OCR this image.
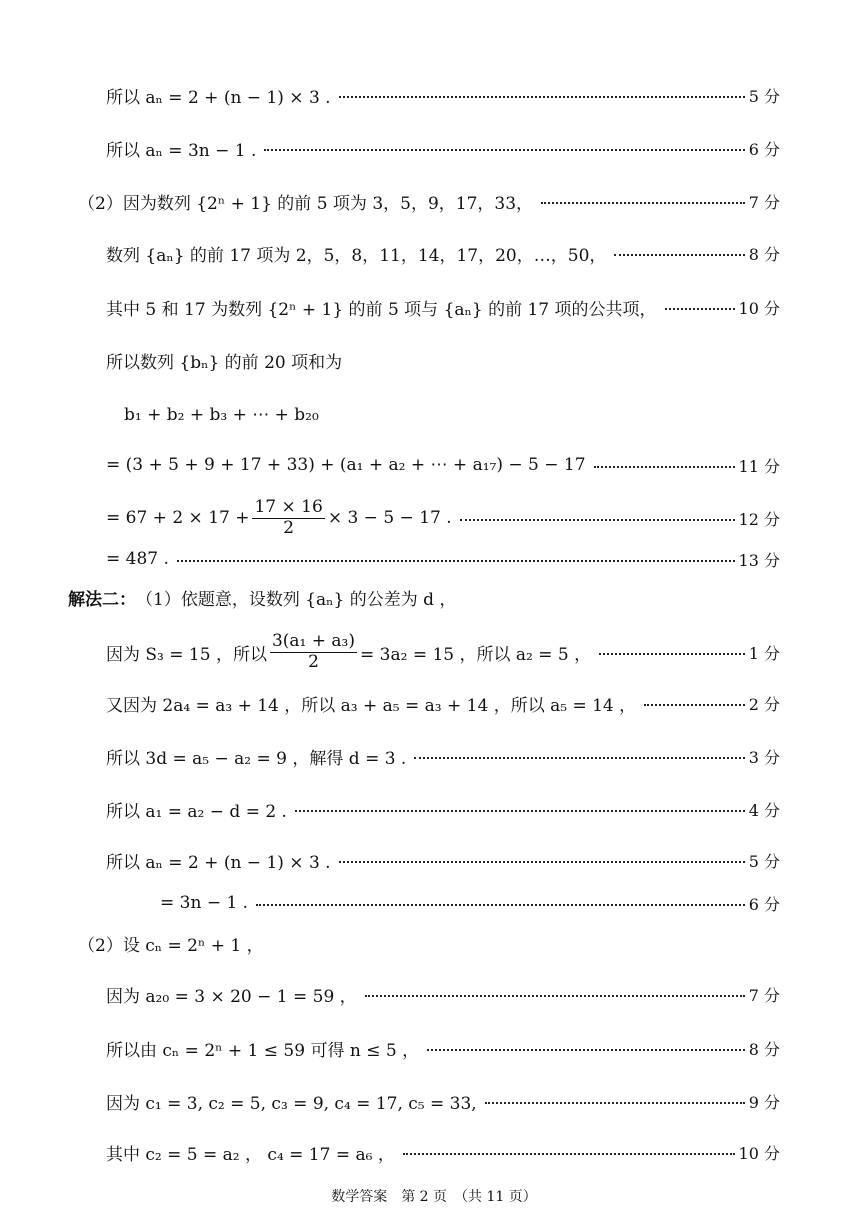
所以 aₙ = 2 + (n − 1) × 3 .	5 分
所以 aₙ = 3n − 1 .	6 分
（2）因为数列 {2ⁿ + 1} 的前 5 项为 3，5，9，17，33，	7 分
数列 {aₙ} 的前 17 项为 2，5，8，11，14，17，20，…，50，	8 分
其中 5 和 17 为数列 {2ⁿ + 1} 的前 5 项与 {aₙ} 的前 17 项的公共项，	10 分
所以数列 {bₙ} 的前 20 项和为
b₁ + b₂ + b₃ + ⋯ + b₂₀
= (3 + 5 + 9 + 17 + 33) + (a₁ + a₂ + ⋯ + a₁₇) − 5 − 17	11 分
= $67 + 2 \times 17 + \frac{17 \times 16}{2} \times 3 - 5 - 17$ .	12 分
= 487 .	13 分
解法二： （1）依题意，设数列 {aₙ} 的公差为 d ，
因为 S₃ = 15 ，所以 $\frac{\text{3(a₁ + a₃)}}{2} = 3a_2 = 15$ ，所以 a₂ = 5 ，	1 分
又因为 2a₄ = a₃ + 14 ，所以 a₃ + a₅ = a₃ + 14 ，所以 a₅ = 14 ，	2 分
所以 3d = a₅ − a₂ = 9 ，解得 d = 3 .	3 分
所以 a₁ = a₂ − d = 2 .	4 分
所以 aₙ = 2 + (n − 1) × 3 .	5 分
= 3n − 1 .	6 分
（2）设 cₙ = 2ⁿ + 1 ，
因为 a₂₀ = 3 × 20 − 1 = 59 ，	7 分
所以由 cₙ = 2ⁿ + 1 ≤ 59 可得 n ≤ 5 ，	8 分
因为 c₁ = 3, c₂ = 5, c₃ = 9, c₄ = 17, c₅ = 33,	9 分
其中 c₂ = 5 = a₂ ， c₄ = 17 = a₆ ，	10 分
数学答案　第 2 页　（共 11 页）
